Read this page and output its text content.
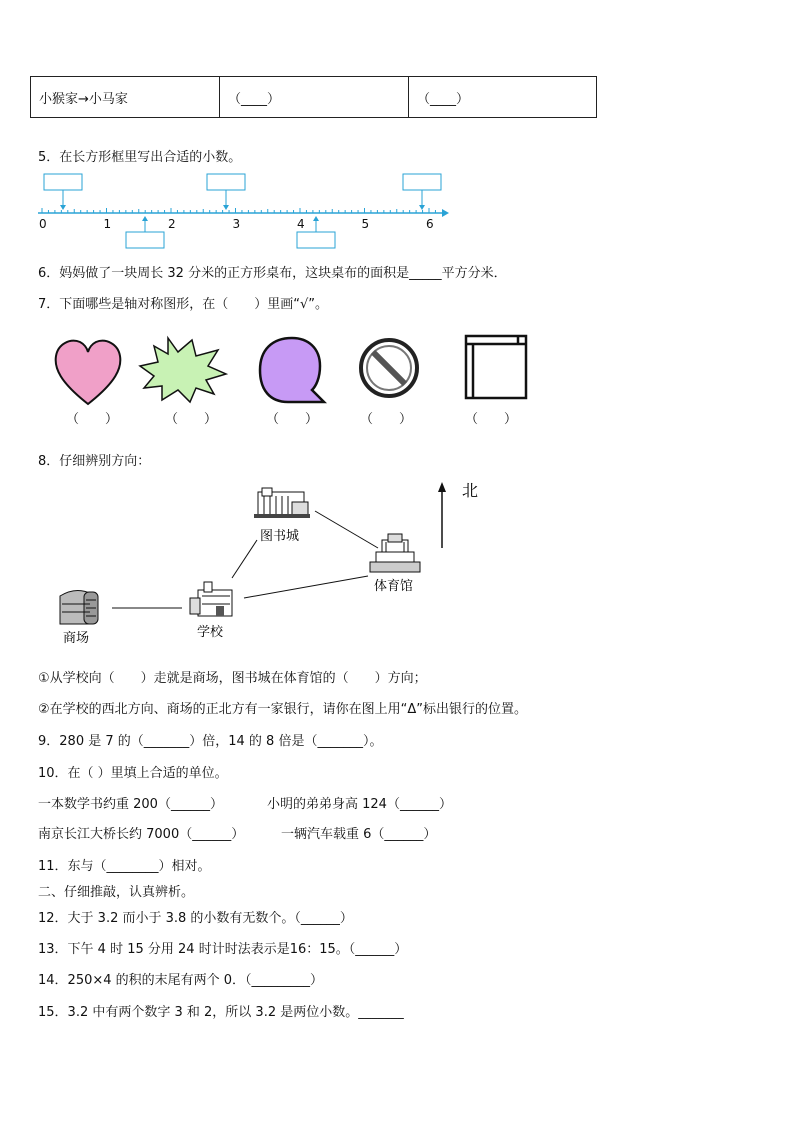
小猴家→小马家	（____）	（____）
5．在长方形框里写出合适的小数。
0	1	2	3	4	5	6
6．妈妈做了一块周长 32 分米的正方形桌布，这块桌布的面积是_____平方分米．
7．下面哪些是轴对称图形，在（　　）里画“√”。
（　　）	（　　）	（　　）	（　　）	（　　）
8．仔细辨别方向：
北
图书城
体育馆
学校
商场
①从学校向（　　）走就是商场，图书城在体育馆的（　　）方向；
②在学校的西北方向、商场的正北方有一家银行，请你在图上用“Δ”标出银行的位置。
9．280 是 7 的（_______）倍，14 的 8 倍是（_______）。
10．在（ ）里填上合适的单位。
一本数学书约重 200（______）	小明的弟弟身高 124（______）
南京长江大桥长约 7000（______）	一辆汽车载重 6（______）
11．东与（________）相对。
二、仔细推敲，认真辨析。
12．大于 3.2 而小于 3.8 的小数有无数个。（______）
13．下午 4 时 15 分用 24 时计时法表示是16：15。（______）
14．250×4 的积的末尾有两个 0．（_________）
15．3.2 中有两个数字 3 和 2，所以 3.2 是两位小数。_______
